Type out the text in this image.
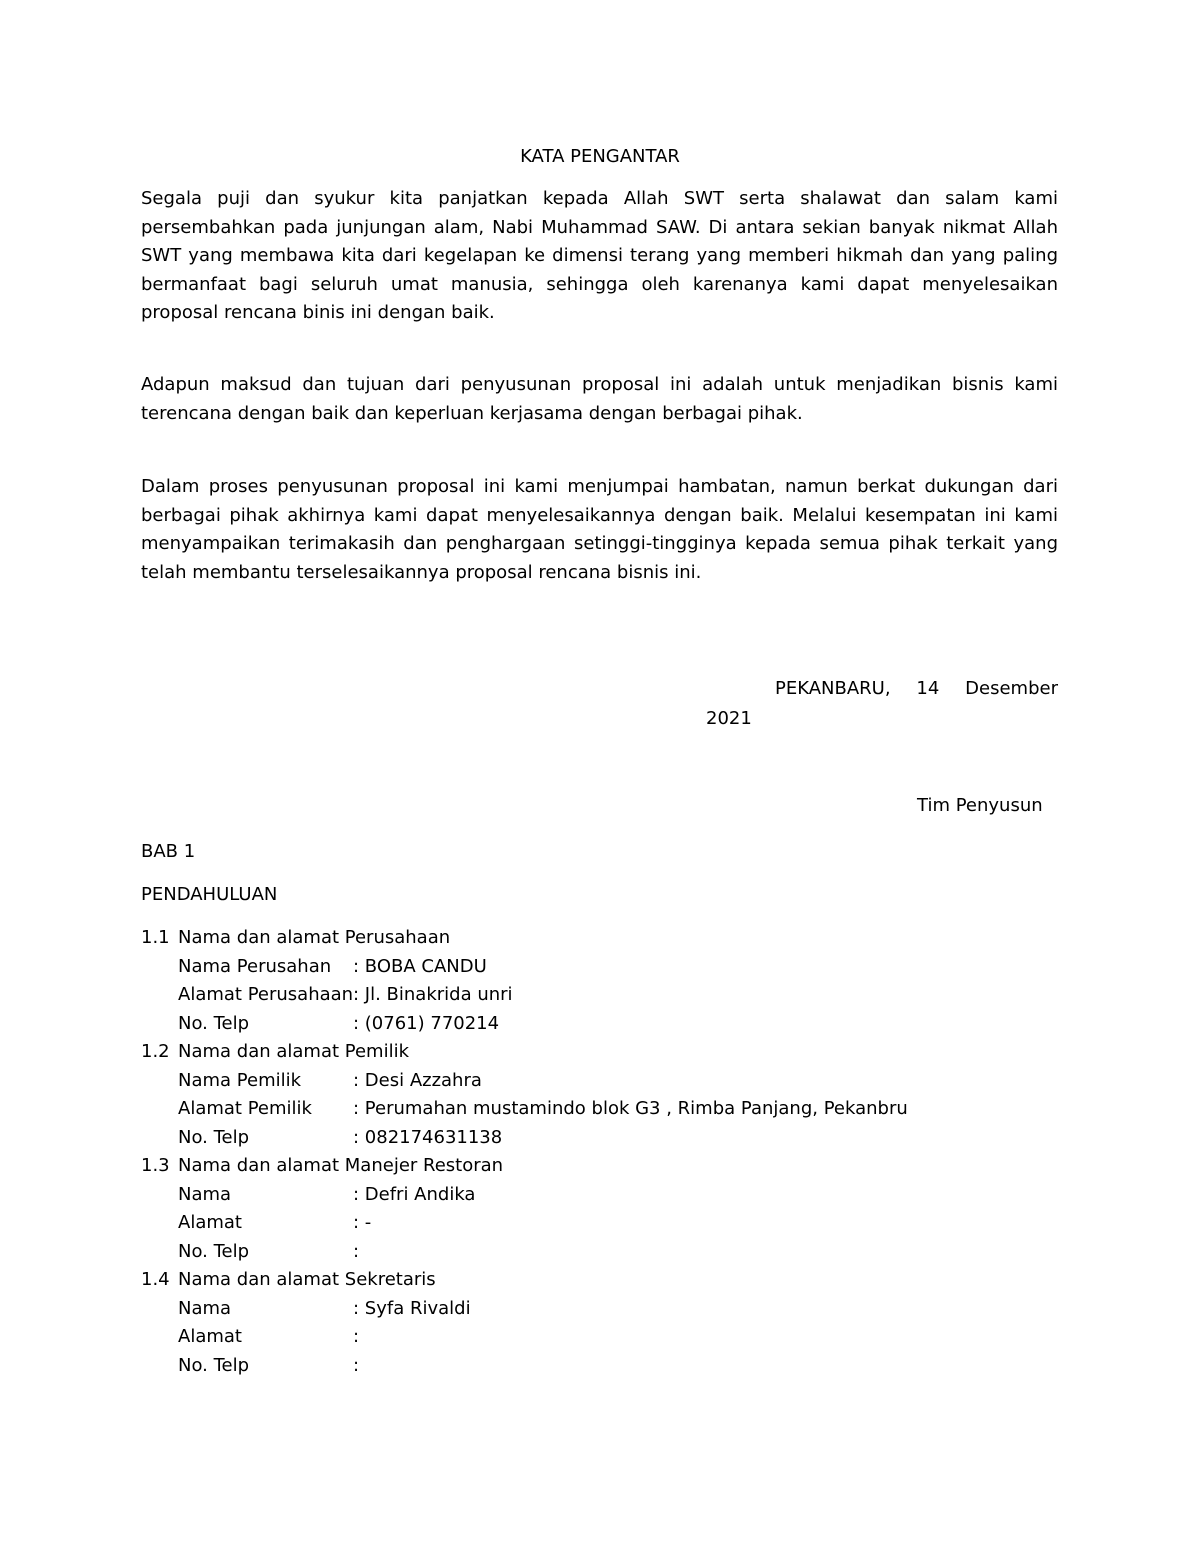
KATA PENGANTAR
Segala puji dan syukur kita panjatkan kepada Allah SWT serta shalawat dan salam kami persembahkan pada junjungan alam, Nabi Muhammad SAW. Di antara sekian banyak nikmat Allah SWT yang membawa kita dari kegelapan ke dimensi terang yang memberi hikmah dan yang paling bermanfaat bagi seluruh umat manusia, sehingga oleh karenanya kami dapat menyelesaikan proposal rencana binis ini dengan baik.
Adapun maksud dan tujuan dari penyusunan proposal ini adalah untuk menjadikan bisnis kami terencana dengan baik dan keperluan kerjasama dengan berbagai pihak.
Dalam proses penyusunan proposal ini kami menjumpai hambatan, namun berkat dukungan dari berbagai pihak akhirnya kami dapat menyelesaikannya dengan baik. Melalui kesempatan ini kami menyampaikan terimakasih dan penghargaan setinggi-tingginya kepada semua pihak terkait yang telah membantu terselesaikannya proposal rencana bisnis ini.
PEKANBARU, 14 Desember
2021
Tim Penyusun
BAB 1
PENDAHULUAN
1.1 Nama dan alamat Perusahaan
Nama Perusahan : BOBA CANDU
Alamat Perusahaan: Jl. Binakrida unri
No. Telp	: (0761) 770214
1.2 Nama dan alamat Pemilik
Nama Pemilik	: Desi Azzahra
Alamat Pemilik : Perumahan mustamindo blok G3 , Rimba Panjang, Pekanbru
No. Telp	: 082174631138
1.3 Nama dan alamat Manejer Restoran
Nama	: Defri Andika
Alamat	: -
No. Telp	:
1.4 Nama dan alamat Sekretaris
Nama	: Syfa Rivaldi
Alamat	:
No. Telp	:
